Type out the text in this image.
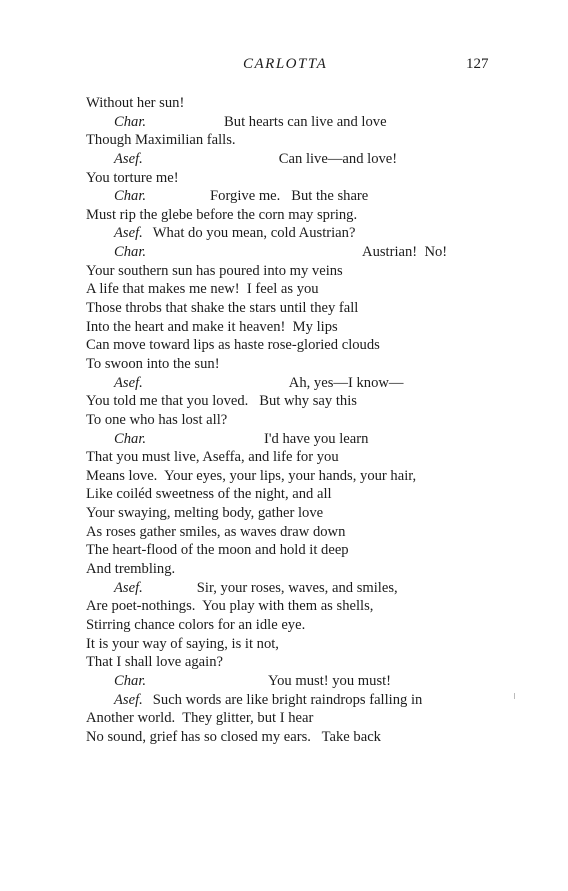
CARLOTTA	127
Without her sun!
Char.	But hearts can live and love
Though Maximilian falls.
Asef.	Can live—and love!
You torture me!
Char.	Forgive me.   But the share
Must rip the glebe before the corn may spring.
Asef. What do you mean, cold Austrian?
Char.	Austrian!  No!
Your southern sun has poured into my veins
A life that makes me new!  I feel as you
Those throbs that shake the stars until they fall
Into the heart and make it heaven!  My lips
Can move toward lips as haste rose-gloried clouds
To swoon into the sun!
Asef.	Ah, yes—I know—
You told me that you loved.   But why say this
To one who has lost all?
Char.	I'd have you learn
That you must live, Aseffa, and life for you
Means love.  Your eyes, your lips, your hands, your hair,
Like coiléd sweetness of the night, and all
Your swaying, melting body, gather love
As roses gather smiles, as waves draw down
The heart-flood of the moon and hold it deep
And trembling.
Asef.	Sir, your roses, waves, and smiles,
Are poet-nothings.  You play with them as shells,
Stirring chance colors for an idle eye.
It is your way of saying, is it not,
That I shall love again?
Char.	You must! you must!
Asef. Such words are like bright raindrops falling in
Another world.  They glitter, but I hear
No sound, grief has so closed my ears.   Take back
